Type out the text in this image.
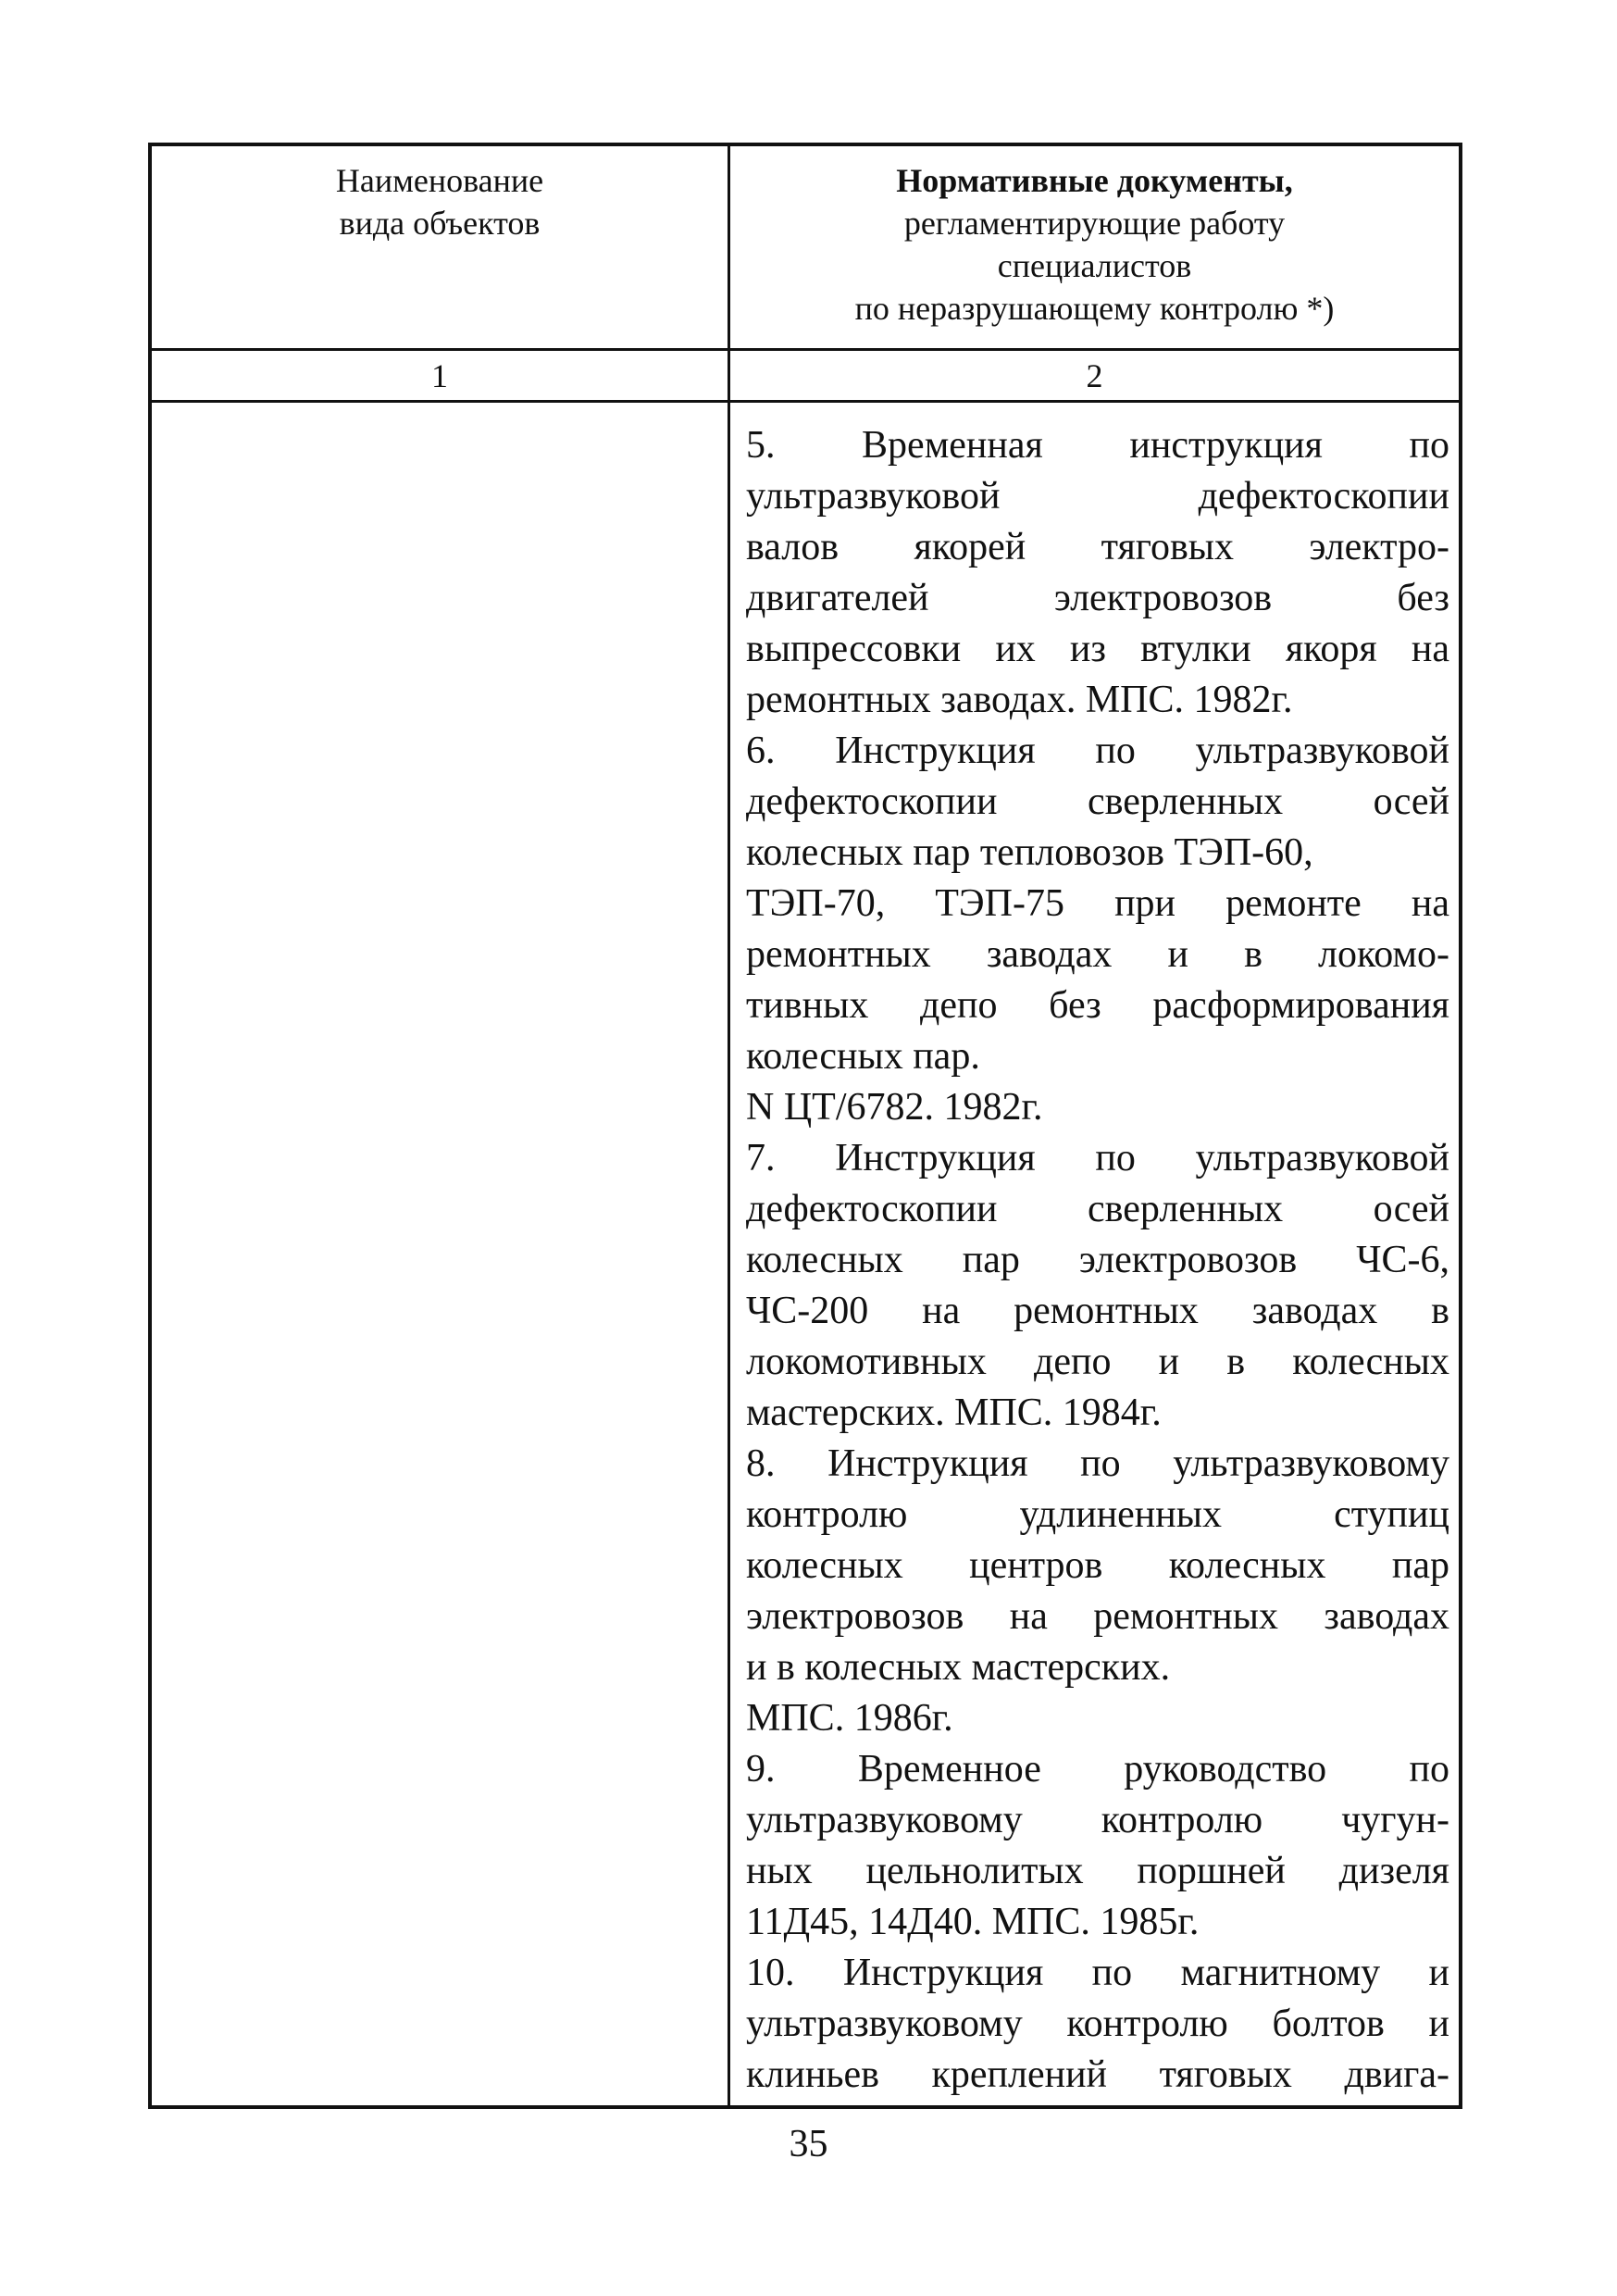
Наименование
вида объектов
Нормативные документы,
регламентирующие работу
специалистов
по неразрушающему контролю *)
1	2
5. Временная инструкция по
ультразвуковой дефектоскопии
валов якорей тяговых электро-
двигателей электровозов без
выпрессовки их из втулки якоря на
ремонтных заводах. МПС. 1982г.
6. Инструкция по ультразвуковой
дефектоскопии сверленных осей
колесных пар тепловозов ТЭП-60,
ТЭП-70, ТЭП-75 при ремонте на
ремонтных заводах и в локомо-
тивных депо без расформирования
колесных пар.
N ЦТ/6782. 1982г.
7. Инструкция по ультразвуковой
дефектоскопии сверленных осей
колесных пар электровозов ЧС-6,
ЧС-200 на ремонтных заводах в
локомотивных депо и в колесных
мастерских. МПС. 1984г.
8. Инструкция по ультразвуковому
контролю удлиненных ступиц
колесных центров колесных пар
электровозов на ремонтных заводах
и в колесных мастерских.
МПС. 1986г.
9. Временное руководство по
ультразвуковому контролю чугун-
ных цельнолитых поршней дизеля
11Д45, 14Д40. МПС. 1985г.
10. Инструкция по магнитному и
ультразвуковому контролю болтов и
клиньев креплений тяговых двига-
35
